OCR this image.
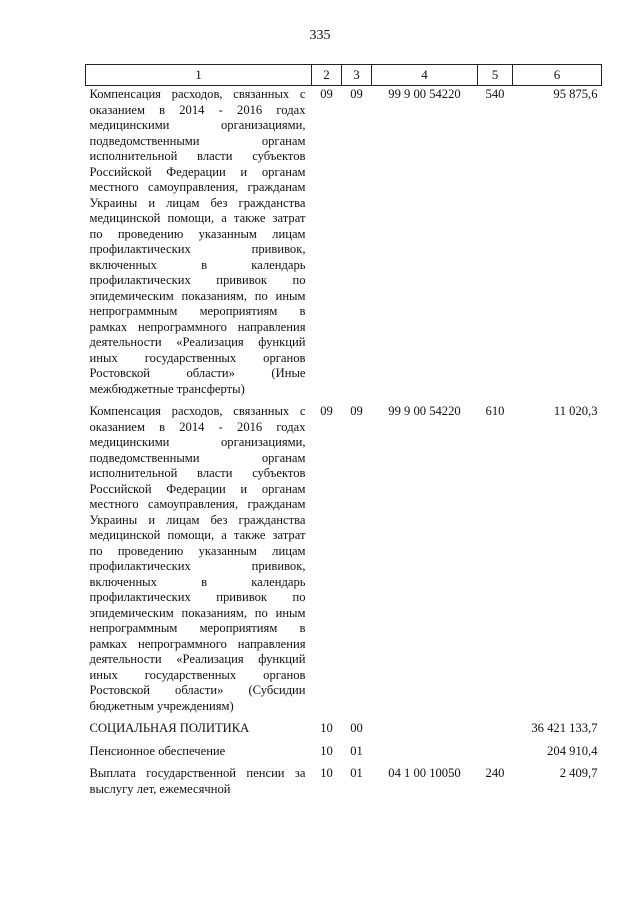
335
1	2	3	4	5	6
Компенсация расходов, связанных с оказанием в 2014 - 2016 годах медицинскими организациями, подведомственными органам исполнительной власти субъектов Российской Федерации и органам местного самоуправления, гражданам Украины и лицам без гражданства медицинской помощи, а также затрат по проведению указанным лицам профилактических прививок, включенных в календарь профилактических прививок по эпидемическим показаниям, по иным непрограммным мероприятиям в рамках непрограммного направления деятельности «Реализация функций иных государственных органов Ростовской области» (Иные межбюджетные трансферты)	09	09	99 9 00 54220	540	95 875,6
Компенсация расходов, связанных с оказанием в 2014 - 2016 годах медицинскими организациями, подведомственными органам исполнительной власти субъектов Российской Федерации и органам местного самоуправления, гражданам Украины и лицам без гражданства медицинской помощи, а также затрат по проведению указанным лицам профилактических прививок, включенных в календарь профилактических прививок по эпидемическим показаниям, по иным непрограммным мероприятиям в рамках непрограммного направления деятельности «Реализация функций иных государственных органов Ростовской области» (Субсидии бюджетным учреждениям)	09	09	99 9 00 54220	610	11 020,3
СОЦИАЛЬНАЯ ПОЛИТИКА	10	00			36 421 133,7
Пенсионное обеспечение	10	01			204 910,4
Выплата государственной пенсии за выслугу лет, ежемесячной	10	01	04 1 00 10050	240	2 409,7
